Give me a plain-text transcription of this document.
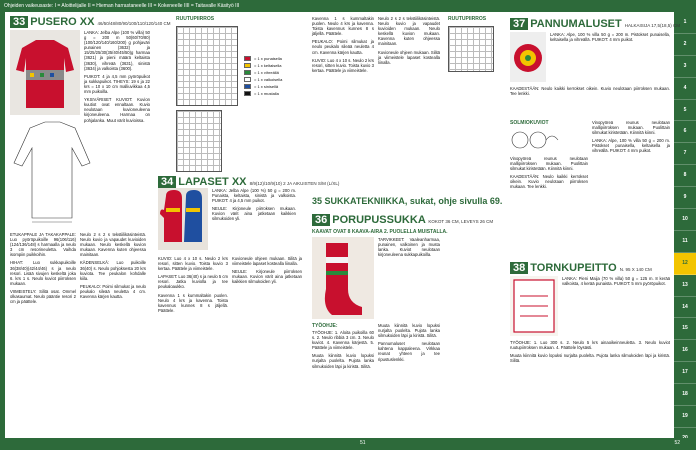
Ohjeiden vaikeusaste: I = Aloittelijalle II = Hieman harrastaneelle III = Kokeneelle IIII = Taitavalle Käsityö III
1
2
3
4
5
6
7
8
9
10
11
12
13
14
15
16
17
18
19
33 PUSERO XX 46/50/48/80/90/100/110/120/140 CM

LANKA: Jelba Alpe (100 % villa) 50 g = 200 m 50(60/70/80)(100/120/140/160/200) g pohjaväri punainen (3632) ja 15/25/25/30(35/40/45/50)g harmaa (3621) ja pieni määrä keltaista (3630), vihreää (3631), sinistä (3634) ja valkoista (3600).

PUIKOT: 4 ja 4,5 mm pyöröpuikot ja sukkapuikot. TIHEYS: 19 s ja 22 krs = 10 x 10 cm malliuvikkaa 4,5 mm puikoilla.

YKSIVÄRISET KUVIOT: Kuvion kuutiot ovat ennaltaan. Kuvio neulotaan kuvioneuleena kirjoneuleena. Harmaa on pohjalanka. Muut värit kuvioissa.

ETUKAPPALE JA TAKAKAPPALE: Luo pyöröpuikoille 96(106/116)(124/136/148) s harmaalla ja neulo 3 cm resorineuletta. Vaihda isompiin puikkoihin.

HIHAT: Luo sukkapuikoille 36(38/40)(42/44/46) s ja neulo resori. Lisää sivujen keskeltä joka 6. krs 1 s. Neulo kuviot piirroksen mukaan.

VIIMEISTELY: Silitä osat. Ommel olkasaumat. Neulo pääntie resori 2 cm ja päättele.

Neulo 2 s 2 s tekstiilikäsinteistä. Neulo kuvio ja vapaudet kuvioiden mukaan. Neulo keskellä kuvion mukaan. Kavenna kuten ohjeessa mainitaan.

KÄDENSELKÄ: Luo puikoille 36(40) s. Neulo pohjoksesta 20 krs kuviota. Tee peukalon kohdalle kiila.

PEUKALO: Poimi silmukat ja neulo peukalo sileää neuletta 4 cm. Kavenna kärjen kautta.

RUUTUPIIRROS
= 1 x punaisella
= 1 x keltaisella
= 1 x vihreällä
= 1 x valkoisella
= 1 x sinisellä
= 1 x mustalla
34 LAPASET XX 8/9(12)/10/9(10) 2 JA AIKUISTEN S/M (L/XL)

LANKA: Jelba Alpe (100 %) 50 g = 200 m. Punaista, keltaista, sinistä ja valkoista. PUIKOT: 4 ja 4,5 mm puikot.

NEULE: Kirjoneule piirroksen mukaan. Kuvion värit aina jatketaan kaikkien silmukoiden yli.

KUVIO: Luo 4 x 10 s. Neulo 2 krs resori, sitten kuvio. Toista kuvio 3 kertaa. Päättele ja viimeistele.

LAPASET: Luo 36(40) s ja neulo 5 cm resori. Jatka kuviolla ja tee peukaloaukko.

Kavenna 1 s kummaltakin puolen. Neulo 4 krs ja kavenna. Toista kavennus kunnes 8 s jäljellä. Päättele.

Kuvioneule ohjeen mukaan. Silitä ja viimeistele lapaset kostealla liinalla.

NEULE: Kirjoneule piirroksen mukaan. Kuvion värit aina jatketaan kaikkien silmukoiden yli.

35 SUKKATEKNIIKKA, sukat, ohje sivulla 69.

Kavenna 1 s kummaltakin puolen. Neulo 4 krs ja kavenna. Toista kavennus kunnes 8 s jäljellä. Päättele.

PEUKALO: Poimi silmukat ja neulo peukalo sileää neuletta 4 cm. Kavenna kärjen kautta.

KUVIO: Luo 4 x 10 s. Neulo 2 krs resori, sitten kuvio. Toista kuvio 3 kertaa. Päättele ja viimeistele.

Neulo 2 s 2 s tekstiilikäsinteistä. Neulo kuvio ja vapaudet kuvioiden mukaan. Neulo keskellä kuvion mukaan. Kavenna kuten ohjeessa mainitaan.

Kuvioneule ohjeen mukaan. Silitä ja viimeistele lapaset kostealla liinalla.

RUUTUPIIRROS
36 PORUPUSSUKKA KOKOT 36 CM, LEVEYS 26 CM
KAAVAT OVAT 8 KAAVA-AIRA 2. PUOLELLA MUISTALLA.

TARVIKKEET: Vaaleanharmaa, punainen, valkoinen ja musta lanka. Kuviot neulotaan kirjoneuleena sukkapuikoilla.

TYÖOHJE:

TYÖOHJE: 1. Aloita puikoilla 60 s. 2. Neulo ribbiä 3 cm. 3. Neulo kuviot. 4. Kavenna kärjestä. 5. Päättele ja viimeistele.

Muuta kiinnitä kuvio lopuksi nurjalta puolelta. Pujota lanka silmukoiden läpi ja kiristä. Silitä.

Muuta kiinnitä kuvio lopuksi nurjalta puolelta. Pujota lanka silmukoiden läpi ja kiristä. Silitä.

Pannumaluset neulotaan kahtena kappaleena. Virkkaa reunat yhteen ja tee ripustuslenkki.

37 PANNUMALUSET HALKAISIJA 17,5(18,5) CM

LANKA: Alpe, 100 % villa 50 g = 200 m. Pistokset punaisella, keltaisella ja vihreällä. PUIKOT: 4 mm puikot.

KAADESTÄÄN: Neulo kaikki kerrokset oikein. Kuvio neulotaan piirroksen mukaan. Tee lenkki.

SOLMIOKUVIOT

Vinopyöreä reunus neulotaan mallipiirroksen mukaan. Puolittain silmukat kiristetään. Kiinnitä kiinni.

KAADESTÄÄN: Neulo kaikki kerrokset oikein. Kuvio neulotaan piirroksen mukaan. Tee lenkki.

Vinopyöreä reunus neulotaan mallipiirroksen mukaan. Puolittain silmukat kiristetään. Kiinnitä kiinni.

LANKA: Alpe, 100 % villa 50 g = 200 m. Pistokset punaisella, keltaisella ja vihreällä. PUIKOT: 4 mm puikot.

38 TORNKUPEITTO N. 95 X 140 CM

LANKA: Pieni Maija (70 % villa) 50 g = 125 m. 8 kerää valkoista, 4 kerää punaista. PUIKOT: 5 mm pyöröpuikot.

TYÖOHJE: 1. Luo 300 s. 2. Neulo 5 krs ainaoikeinneuletta. 3. Neulo kuviot ruutupiirroksen mukaan. 4. Päättele löysästi.

Muuta kiinnitä kuvio lopuksi nurjalta puolelta. Pujota lanka silmukoiden läpi ja kiristä. Silitä.

51	52
